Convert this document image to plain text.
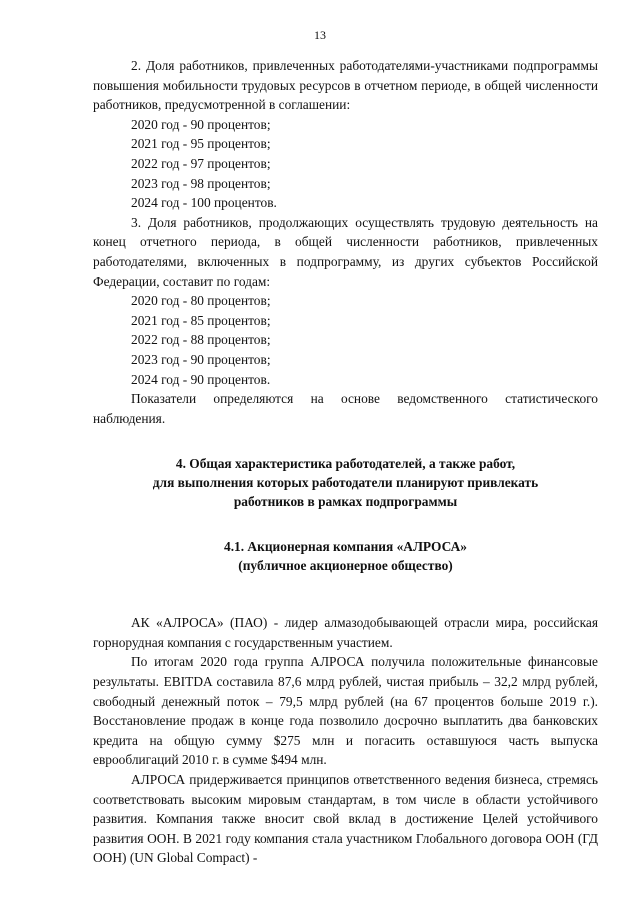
13

2. Доля работников, привлеченных работодателями-участниками подпрограммы повышения мобильности трудовых ресурсов в отчетном периоде, в общей численности работников, предусмотренной в соглашении:

2020 год - 90 процентов;

2021 год - 95 процентов;

2022 год - 97 процентов;

2023 год - 98 процентов;

2024 год - 100 процентов.

3. Доля работников, продолжающих осуществлять трудовую деятельность на конец отчетного периода, в общей численности работников, привлеченных работодателями, включенных в подпрограмму, из других субъектов Российской Федерации, составит по годам:

2020 год - 80 процентов;

2021 год - 85 процентов;

2022 год - 88 процентов;

2023 год - 90 процентов;

2024 год - 90 процентов.

Показатели определяются на основе ведомственного статистического наблюдения.

4. Общая характеристика работодателей, а также работ,
для выполнения которых работодатели планируют привлекать
работников в рамках подпрограммы
4.1. Акционерная компания «АЛРОСА»
(публичное акционерное общество)

АК «АЛРОСА» (ПАО) - лидер алмазодобывающей отрасли мира, российская горнорудная компания с государственным участием.

По итогам 2020 года группа АЛРОСА получила положительные финансовые результаты. EBITDA составила 87,6 млрд рублей, чистая прибыль – 32,2 млрд рублей, свободный денежный поток – 79,5 млрд рублей (на 67 процентов больше 2019 г.). Восстановление продаж в конце года позволило досрочно выплатить два банковских кредита на общую сумму $275 млн и погасить оставшуюся часть выпуска еврооблигаций 2010 г. в сумме $494 млн.

АЛРОСА придерживается принципов ответственного ведения бизнеса, стремясь соответствовать высоким мировым стандартам, в том числе в области устойчивого развития. Компания также вносит свой вклад в достижение Целей устойчивого развития ООН. В 2021 году компания стала участником Глобального договора ООН (ГД ООН) (UN Global Compact) -
